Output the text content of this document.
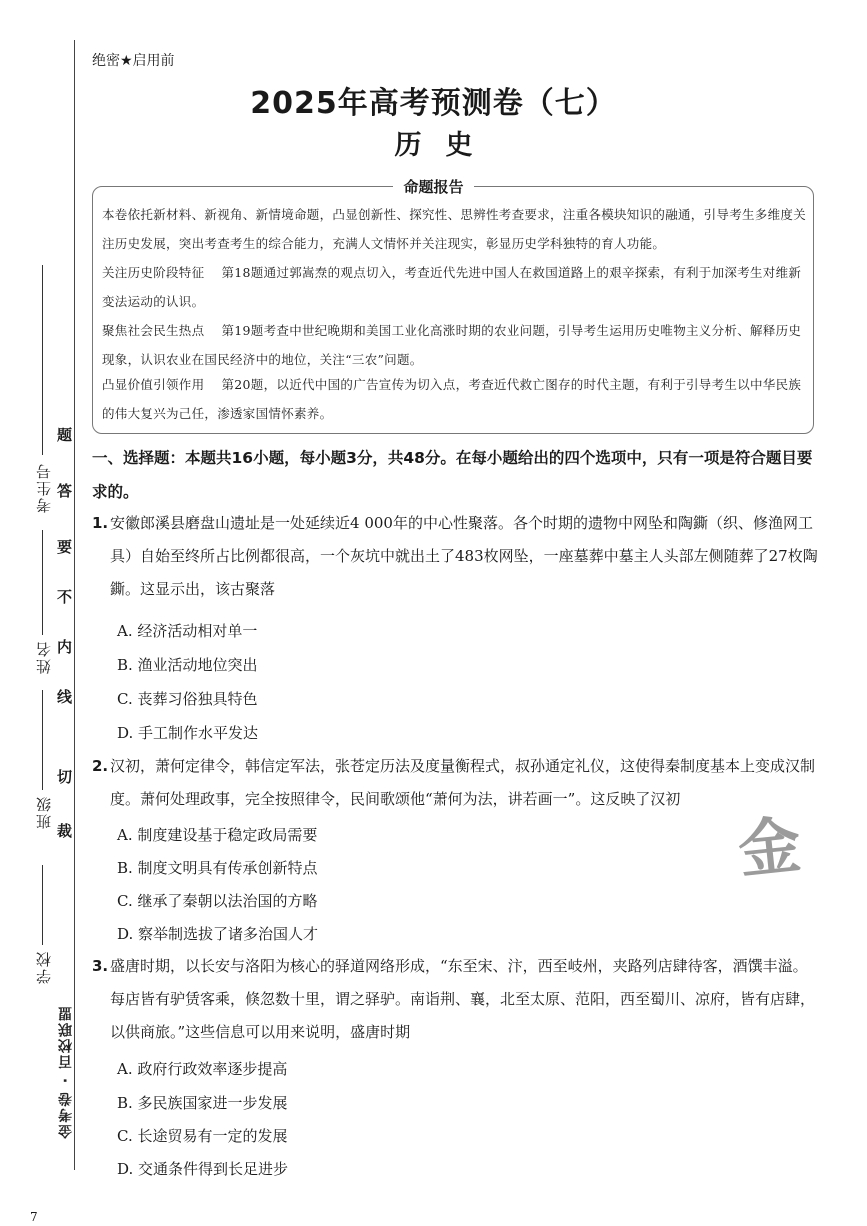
金考卷 · 百校联盟
学校
班级
姓名
考生号
题
答
要
不
内
线
切
裁
绝密★启用前
2025年高考预测卷（七）
历史
命题报告
本卷依托新材料、新视角、新情境命题，凸显创新性、探究性、思辨性考查要求，注重各模块知识的融通，引导考生多维度关注历史发展，突出考查考生的综合能力，充满人文情怀并关注现实，彰显历史学科独特的育人功能。
关注历史阶段特征 第18题通过郭嵩焘的观点切入，考查近代先进中国人在救国道路上的艰辛探索，有利于加深考生对维新变法运动的认识。
聚焦社会民生热点 第19题考查中世纪晚期和美国工业化高涨时期的农业问题，引导考生运用历史唯物主义分析、解释历史现象，认识农业在国民经济中的地位，关注“三农”问题。
凸显价值引领作用 第20题，以近代中国的广告宣传为切入点，考查近代救亡图存的时代主题，有利于引导考生以中华民族的伟大复兴为己任，渗透家国情怀素养。
一、选择题：本题共16小题，每小题3分，共48分。在每小题给出的四个选项中，只有一项是符合题目要求的。
1. 安徽郎溪县磨盘山遗址是一处延续近4 000年的中心性聚落。各个时期的遗物中网坠和陶鐁（织、修渔网工具）自始至终所占比例都很高，一个灰坑中就出土了483枚网坠，一座墓葬中墓主人头部左侧随葬了27枚陶鐁。这显示出，该古聚落
A. 经济活动相对单一
B. 渔业活动地位突出
C. 丧葬习俗独具特色
D. 手工制作水平发达
2. 汉初，萧何定律令，韩信定军法，张苍定历法及度量衡程式，叔孙通定礼仪，这使得秦制度基本上变成汉制度。萧何处理政事，完全按照律令，民间歌颂他“萧何为法，讲若画一”。这反映了汉初
A. 制度建设基于稳定政局需要
B. 制度文明具有传承创新特点
C. 继承了秦朝以法治国的方略
D. 察举制选拔了诸多治国人才
3. 盛唐时期，以长安与洛阳为核心的驿道网络形成，“东至宋、汴，西至岐州，夹路列店肆待客，酒馔丰溢。每店皆有驴赁客乘，倏忽数十里，谓之驿驴。南诣荆、襄，北至太原、范阳，西至蜀川、凉府，皆有店肆，以供商旅。”这些信息可以用来说明，盛唐时期
A. 政府行政效率逐步提高
B. 多民族国家进一步发展
C. 长途贸易有一定的发展
D. 交通条件得到长足进步
金
7
